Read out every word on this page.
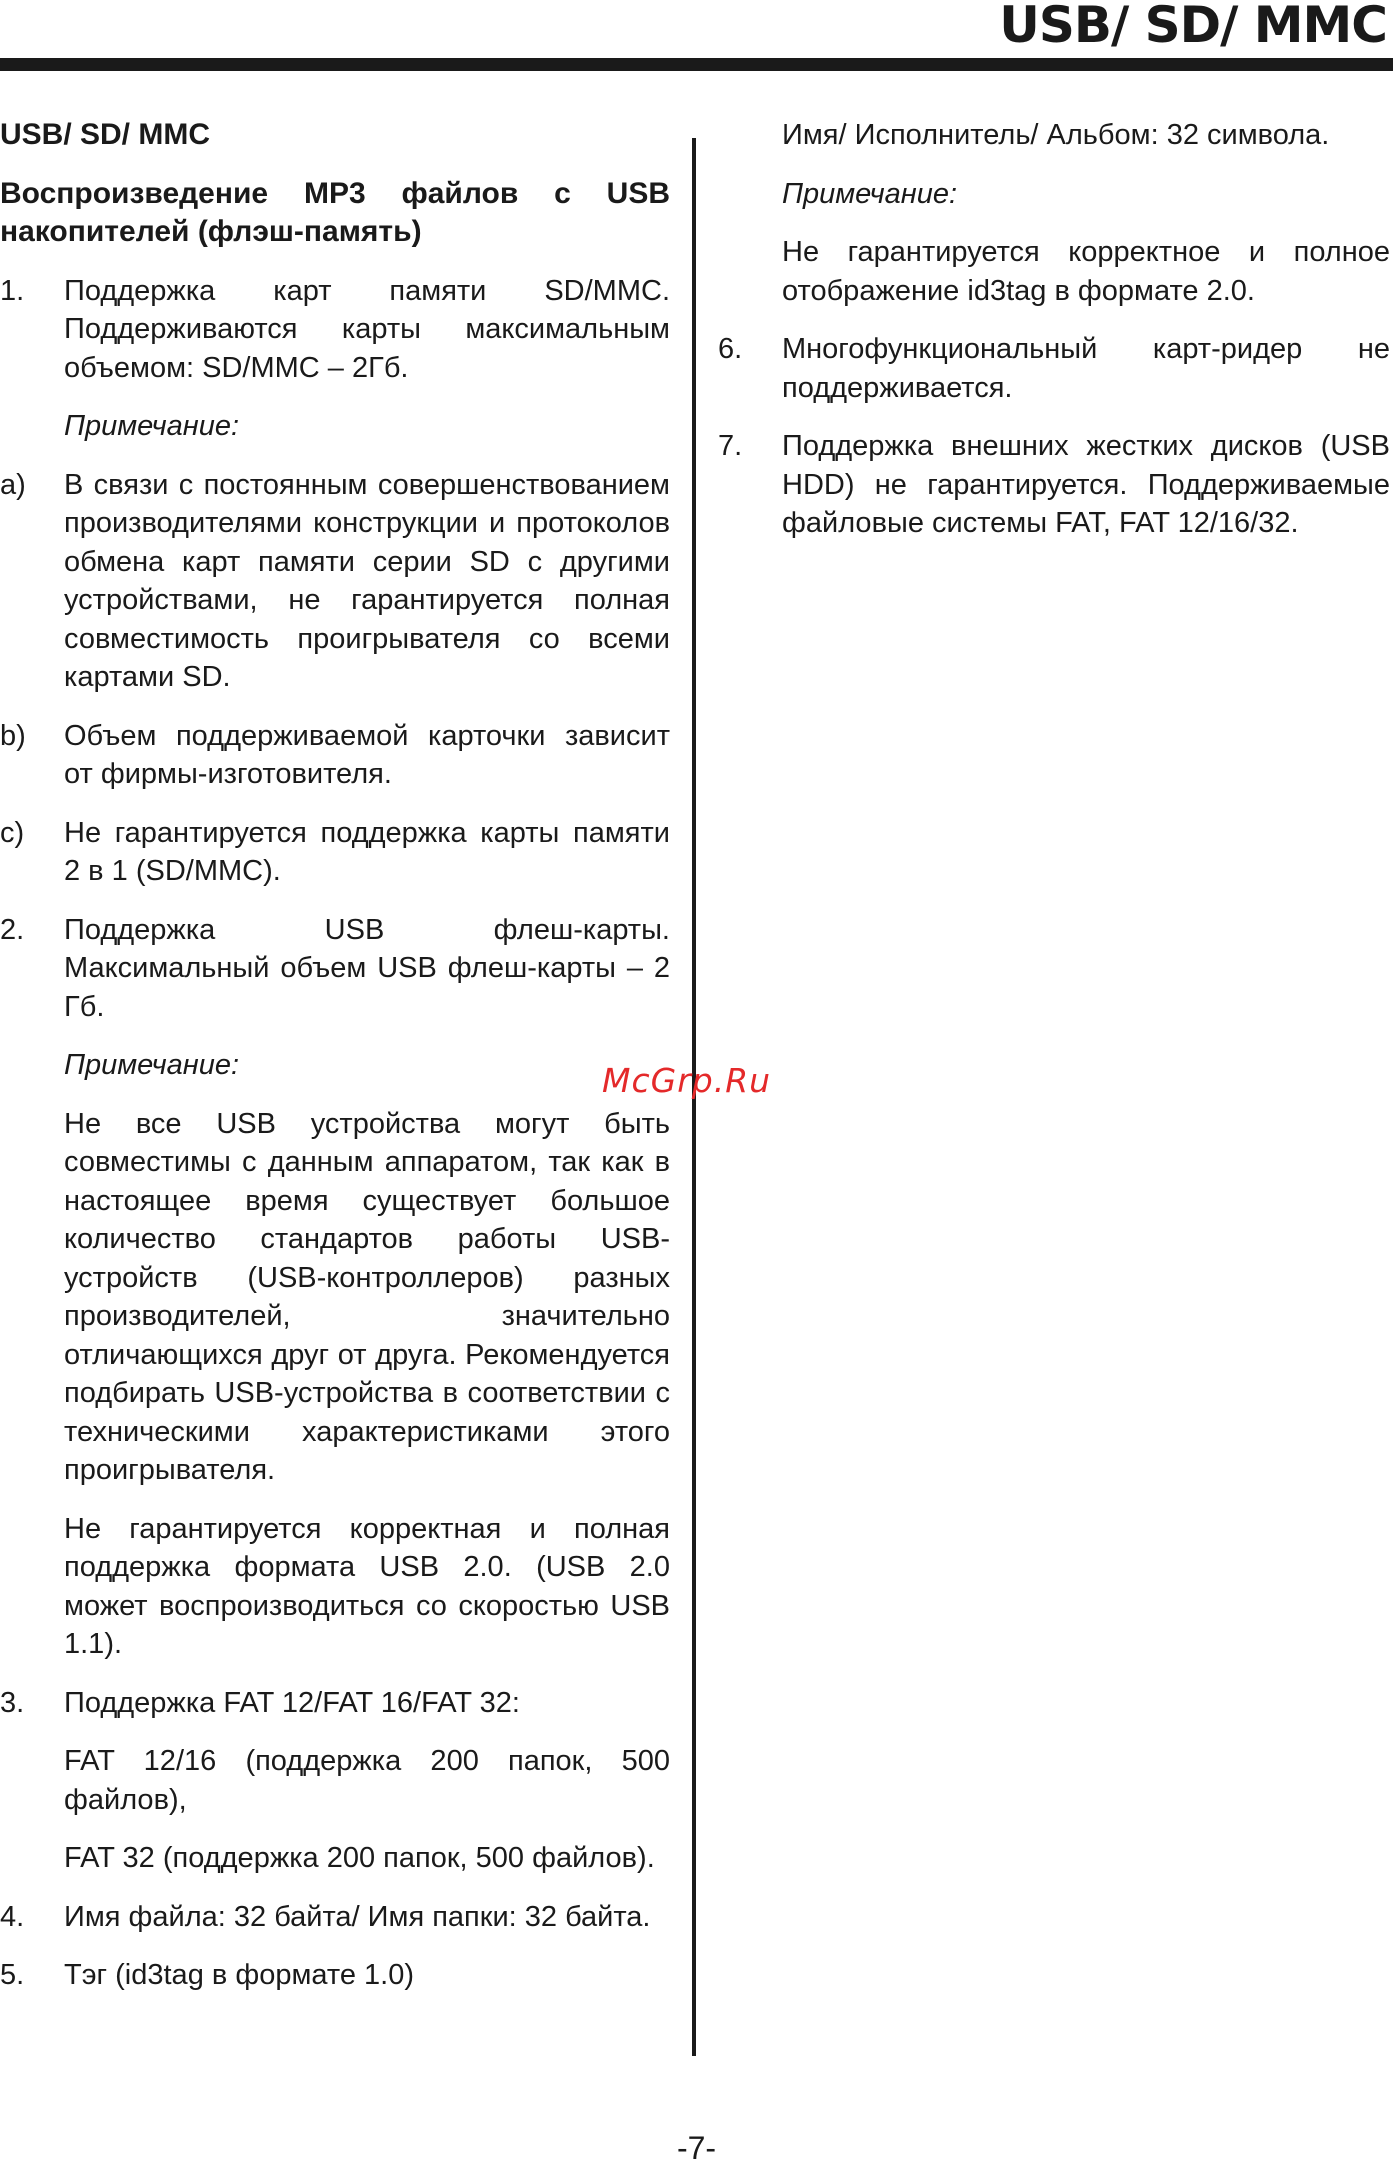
USB/ SD/ MMC
USB/ SD/ MMC
Воспроизведение MP3 файлов с USB накопителей (флэш-память)
1. Поддержка карт памяти SD/MMC. Поддерживаются карты максимальным объемом: SD/MMC – 2Гб.
Примечание:
a) В связи с постоянным совершенствованием производителями конструкции и протоколов обмена карт памяти серии SD с другими устройствами, не гарантируется полная совместимость проигрывателя со всеми картами SD.
b) Объем поддерживаемой карточки зависит от фирмы-изготовителя.
c) Не гарантируется поддержка карты памяти 2 в 1 (SD/MMC).
2. Поддержка USB флеш-карты. Максимальный объем USB флеш-карты – 2 Гб.
Примечание:
Не все USB устройства могут быть совместимы с данным аппаратом, так как в настоящее время существует большое количество стандартов работы USB-устройств (USB-контроллеров) разных производителей, значительно отличающихся друг от друга. Рекомендуется подбирать USB-устройства в соответствии с техническими характеристиками этого проигрывателя.
Не гарантируется корректная и полная поддержка формата USB 2.0. (USB 2.0 может воспроизводиться со скоростью USB 1.1).
3. Поддержка FAT 12/FAT 16/FAT 32:
FAT 12/16 (поддержка 200 папок, 500 файлов),
FAT 32 (поддержка 200 папок, 500 файлов).
4. Имя файла: 32 байта/ Имя папки: 32 байта.
5. Тэг (id3tag в формате 1.0)
Имя/ Исполнитель/ Альбом: 32 символа.
Примечание:
Не гарантируется корректное и полное отображение id3tag в формате 2.0.
6. Многофункциональный карт-ридер не поддерживается.
7. Поддержка внешних жестких дисков (USB HDD) не гарантируется. Поддерживаемые файловые системы FAT, FAT 12/16/32.
McGrp.Ru
-7-
